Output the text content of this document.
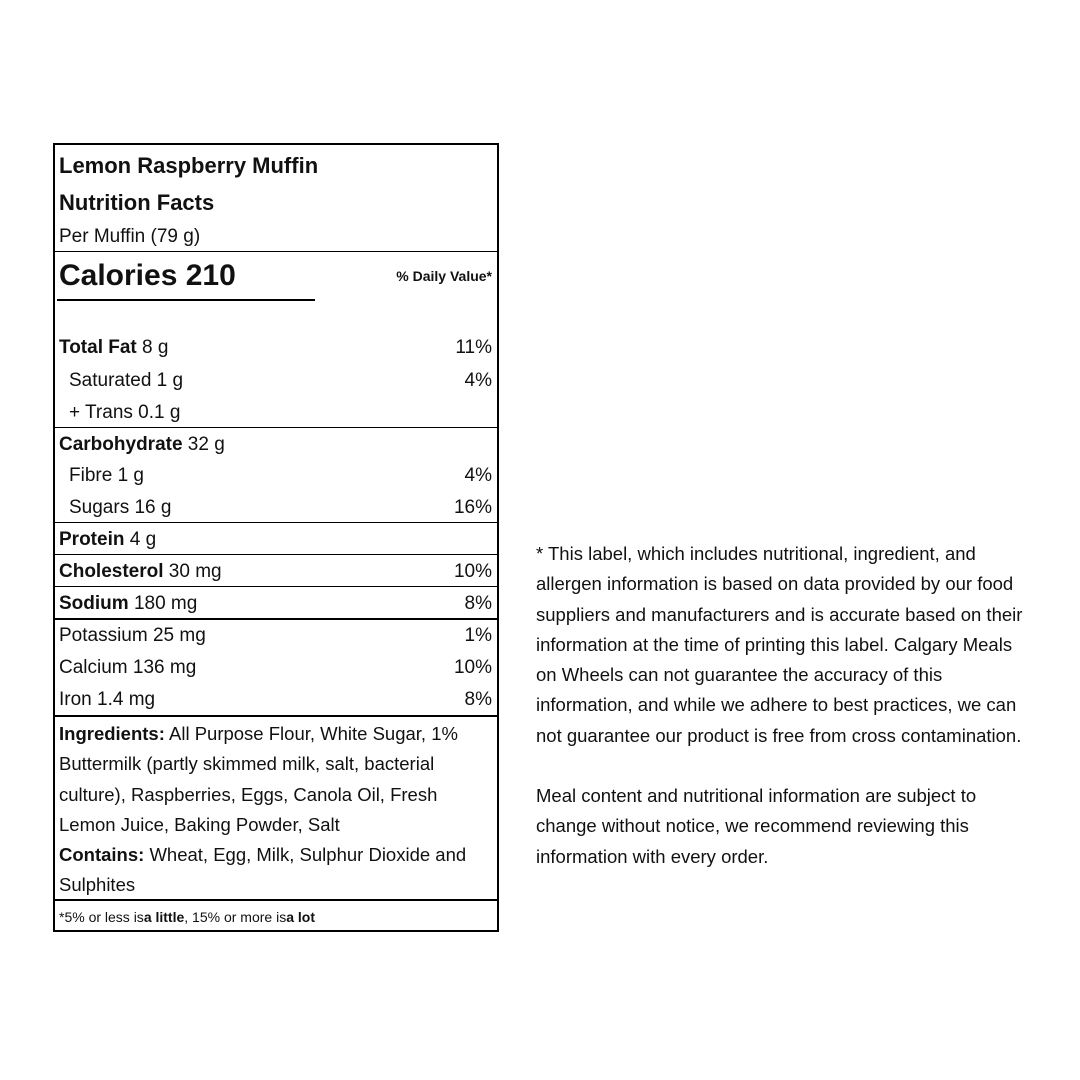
Lemon Raspberry Muffin
Nutrition Facts
Per Muffin (79 g)
Calories 210	% Daily Value*
Total Fat 8 g	11%
Saturated 1 g	4%
+ Trans 0.1 g
Carbohydrate 32 g
Fibre 1 g	4%
Sugars 16 g	16%
Protein 4 g
Cholesterol 30 mg	10%
Sodium 180 mg	8%
Potassium 25 mg	1%
Calcium 136 mg	10%
Iron 1.4 mg	8%
Ingredients: All Purpose Flour, White Sugar, 1% Buttermilk (partly skimmed milk, salt, bacterial culture), Raspberries, Eggs, Canola Oil, Fresh Lemon Juice, Baking Powder, Salt
Contains: Wheat, Egg, Milk, Sulphur Dioxide and Sulphites
*5% or less is a little , 15% or more is a lot

* This label, which includes nutritional, ingredient, and allergen information is based on data provided by our food suppliers and manufacturers and is accurate based on their information at the time of printing this label. Calgary Meals on Wheels can not guarantee the accuracy of this information, and while we adhere to best practices, we can not guarantee our product is free from cross contamination.

Meal content and nutritional information are subject to change without notice, we recommend reviewing this information with every order.
